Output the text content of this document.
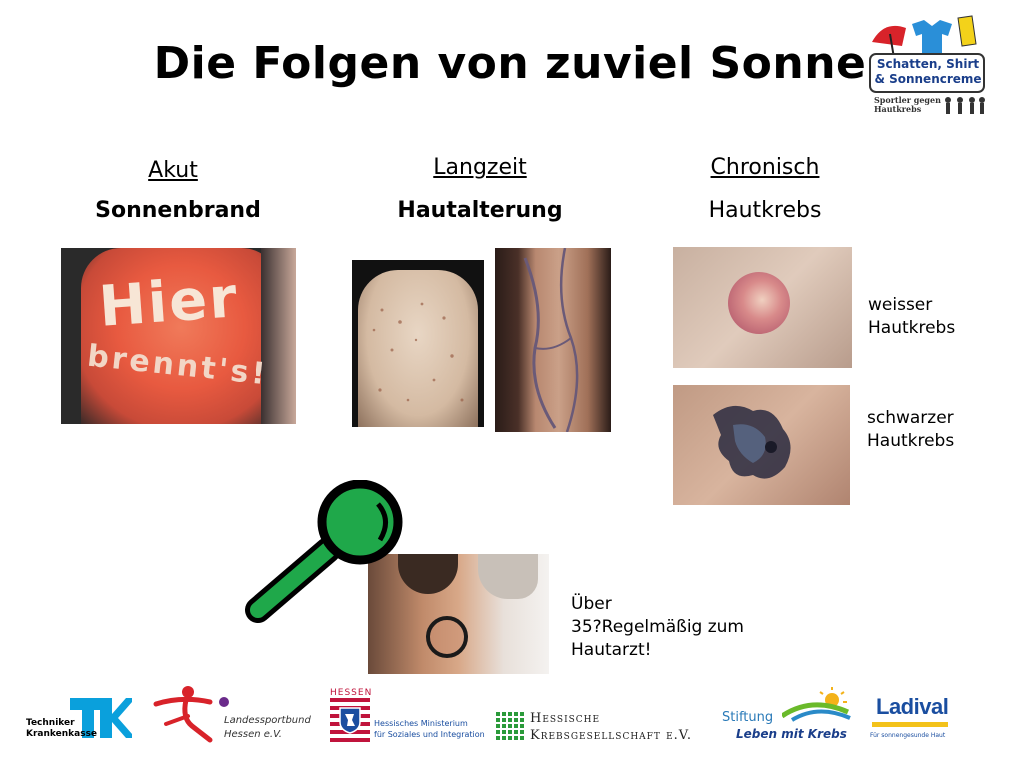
Die Folgen von zuviel Sonne Schatten, Shirt
& Sonnencreme
Sportler gegen
Hautkrebs
Akut
Sonnenbrand
Langzeit
Hautalterung
Chronisch
Hautkrebs
Hier
brennt's!
weisser
Hautkrebs
schwarzer
Hautkrebs
Über
35?Regelmäßig zum
Hautarzt!
Techniker
Krankenkasse
Landessportbund
Hessen e.V.
HESSEN
Hessisches Ministerium
für Soziales und Integration
Hessische
Krebsgesellschaft e.V.
Stiftung
Leben mit Krebs
Ladival
Für sonnengesunde Haut
